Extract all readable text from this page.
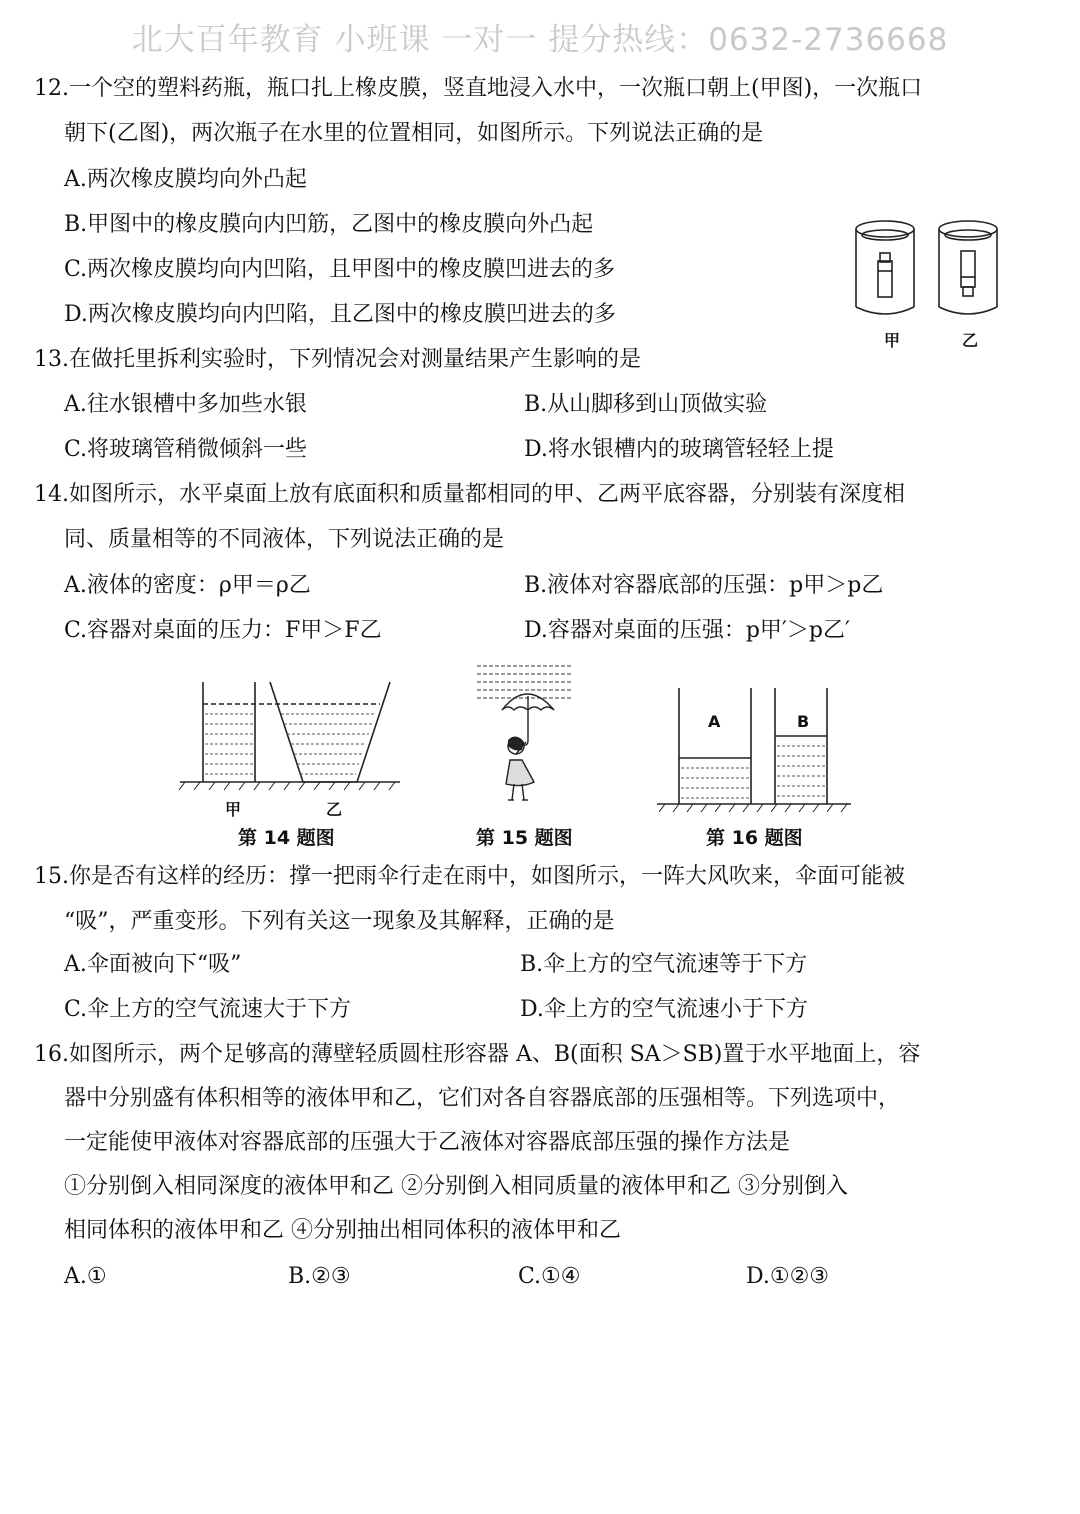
北大百年教育 小班课 一对一 提分热线：0632-2736668
12.一个空的塑料药瓶，瓶口扎上橡皮膜，竖直地浸入水中，一次瓶口朝上(甲图)，一次瓶口
朝下(乙图)，两次瓶子在水里的位置相同，如图所示。下列说法正确的是
A.两次橡皮膜均向外凸起
B.甲图中的橡皮膜向内凹筋，乙图中的橡皮膜向外凸起
C.两次橡皮膜均向内凹陷，且甲图中的橡皮膜凹进去的多
D.两次橡皮膜均向内凹陷，且乙图中的橡皮膜凹进去的多
甲	乙
13.在做托里拆利实验时，下列情况会对测量结果产生影响的是
A.往水银槽中多加些水银	B.从山脚移到山顶做实验
C.将玻璃管稍微倾斜一些	D.将水银槽内的玻璃管轻轻上提
14.如图所示，水平桌面上放有底面积和质量都相同的甲、乙两平底容器，分别装有深度相
同、质量相等的不同液体，下列说法正确的是
A.液体的密度：ρ甲＝ρ乙	B.液体对容器底部的压强：p甲＞p乙
C.容器对桌面的压力：F甲＞F乙	D.容器对桌面的压强：p甲′＞p乙′
甲	乙
第 14 题图	第 15 题图
A	B
第 16 题图
15.你是否有这样的经历：撑一把雨伞行走在雨中，如图所示，一阵大风吹来，伞面可能被
“吸”，严重变形。下列有关这一现象及其解释，正确的是
A.伞面被向下“吸”	B.伞上方的空气流速等于下方
C.伞上方的空气流速大于下方	D.伞上方的空气流速小于下方
16.如图所示，两个足够高的薄壁轻质圆柱形容器 A、B(面积 SA＞SB)置于水平地面上，容
器中分别盛有体积相等的液体甲和乙，它们对各自容器底部的压强相等。下列选项中，
一定能使甲液体对容器底部的压强大于乙液体对容器底部压强的操作方法是
①分别倒入相同深度的液体甲和乙 ②分别倒入相同质量的液体甲和乙 ③分别倒入
相同体积的液体甲和乙 ④分别抽出相同体积的液体甲和乙
A.①	B.②③	C.①④	D.①②③
